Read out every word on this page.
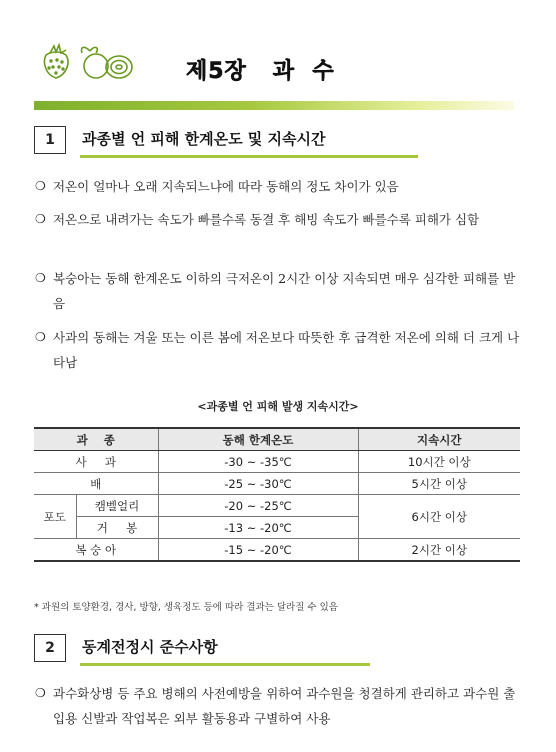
제5장   과  수
1	과종별 언 피해 한계온도 및 지속시간
❍ 저온이 얼마나 오래 지속되느냐에 따라 동해의 정도 차이가 있음
❍ 저온으로 내려가는 속도가 빠를수록 동결 후 해빙 속도가 빠를수록 피해가 심함
❍ 복숭아는 동해 한계온도 이하의 극저온이 2시간 이상 지속되면 매우 심각한 피해를 받음
❍ 사과의 동해는 겨울 또는 이른 봄에 저온보다 따뜻한 후 급격한 저온에 의해 더 크게 나타남
<과종별 언 피해 발생 지속시간>
과    종		동해 한계온도	지속시간
사     과		-30 ~ -35℃	10시간 이상
배		-25 ~ -30℃	5시간 이상
포도	캠벨얼리	-20 ~ -25℃	6시간 이상
	거     봉	-13 ~ -20℃	
복 숭 아		-15 ~ -20℃	2시간 이상
* 과원의 토양환경, 경사, 방향, 생육정도 등에 따라 결과는 달라질 수 있음
2	동계전정시 준수사항
❍ 과수화상병 등 주요 병해의 사전예방을 위하여 과수원을 청결하게 관리하고 과수원 출입용 신발과 작업복은 외부 활동용과 구별하여 사용
